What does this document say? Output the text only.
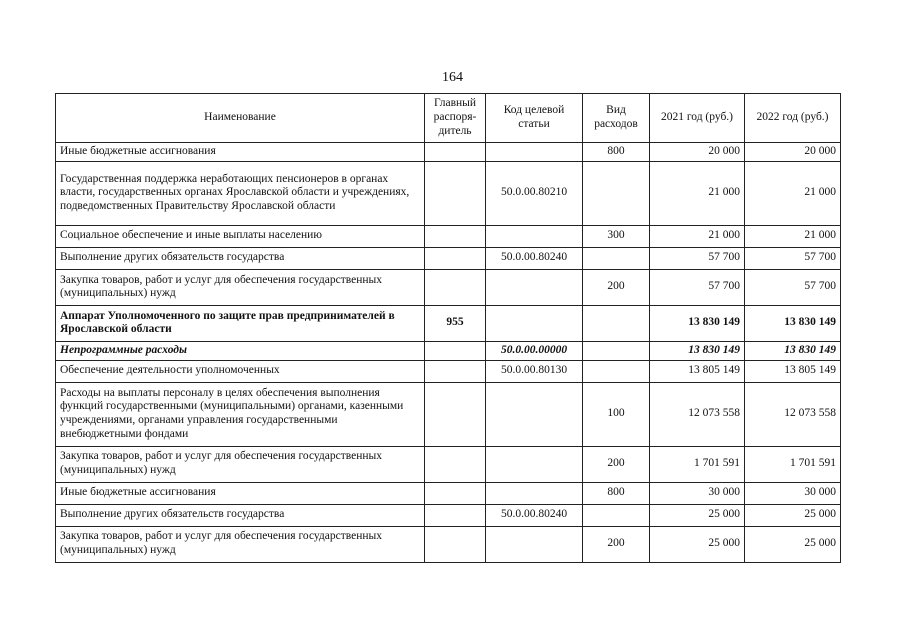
164
Наименование	Главный распоря-дитель	Код целевой статьи	Вид расходов	2021 год (руб.)	2022 год (руб.)
Иные бюджетные ассигнования			800	20 000	20 000
Государственная поддержка неработающих пенсионеров в органах власти, государственных органах Ярославской области и учреждениях, подведомственных Правительству Ярославской области		50.0.00.80210		21 000	21 000
Социальное обеспечение и иные выплаты населению			300	21 000	21 000
Выполнение других обязательств государства		50.0.00.80240		57 700	57 700
Закупка товаров, работ и услуг для обеспечения государственных (муниципальных) нужд			200	57 700	57 700
Аппарат Уполномоченного по защите прав предпринимателей в Ярославской области	955			13 830 149	13 830 149
Непрограммные расходы		50.0.00.00000		13 830 149	13 830 149
Обеспечение деятельности уполномоченных		50.0.00.80130		13 805 149	13 805 149
Расходы на выплаты персоналу в целях обеспечения выполнения функций государственными (муниципальными) органами, казенными учреждениями, органами управления государственными внебюджетными фондами			100	12 073 558	12 073 558
Закупка товаров, работ и услуг для обеспечения государственных (муниципальных) нужд			200	1 701 591	1 701 591
Иные бюджетные ассигнования			800	30 000	30 000
Выполнение других обязательств государства		50.0.00.80240		25 000	25 000
Закупка товаров, работ и услуг для обеспечения государственных (муниципальных) нужд			200	25 000	25 000
